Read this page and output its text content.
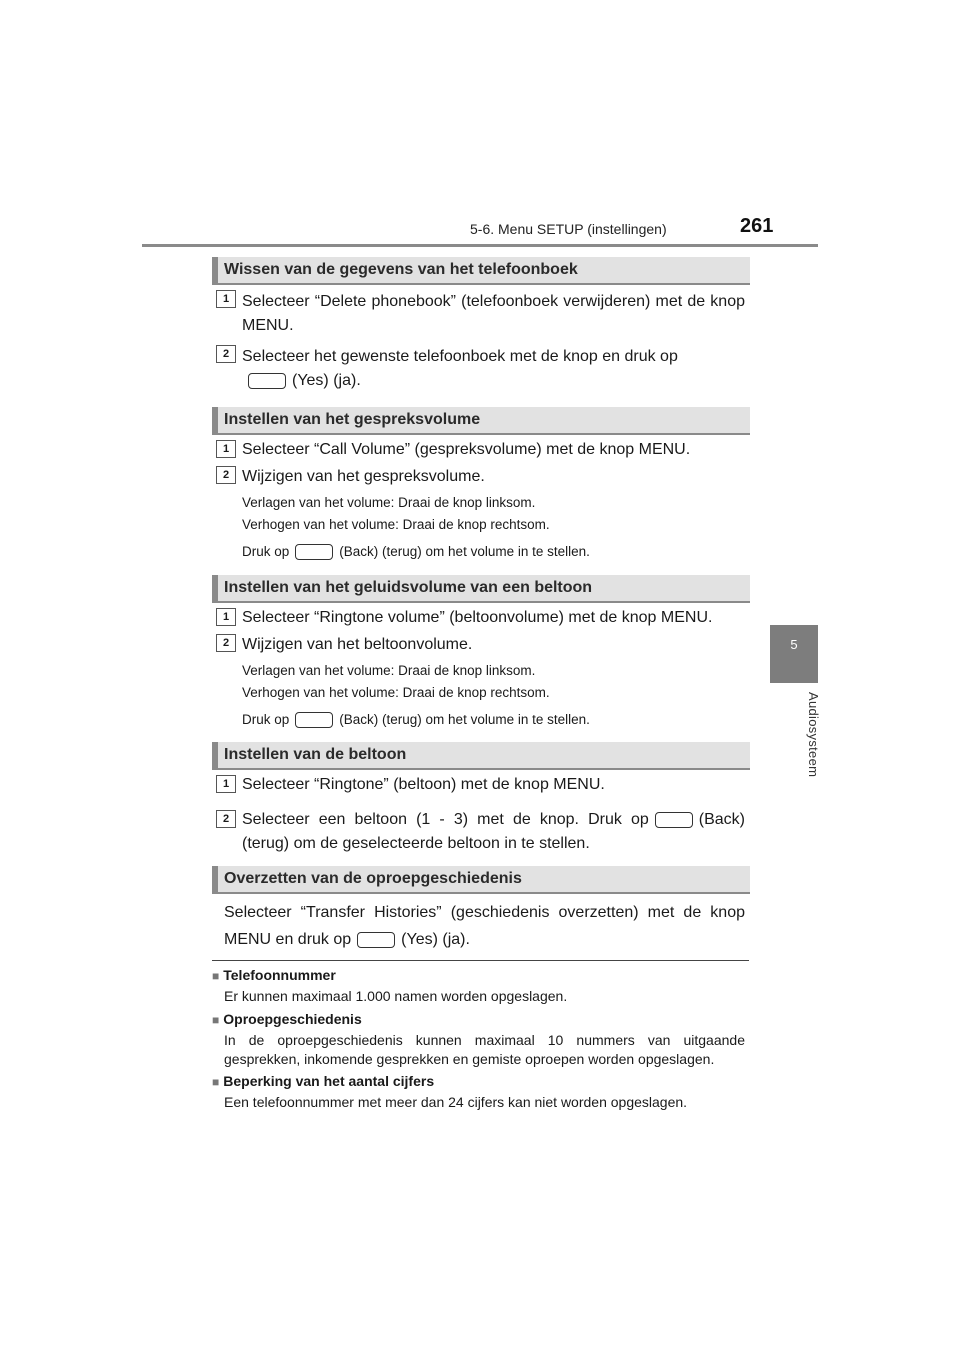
5-6. Menu SETUP (instellingen)	261
5
Audiosysteem
Wissen van de gegevens van het telefoonboek
1 Selecteer “Delete phonebook” (telefoonboek verwijderen) met de knop MENU.
2 Selecteer het gewenste telefoonboek met de knop en druk op
(Yes) (ja).
Instellen van het gespreksvolume
1 Selecteer “Call Volume” (gespreksvolume) met de knop MENU.
2 Wijzigen van het gespreksvolume.
Verlagen van het volume: Draai de knop linksom.
Verhogen van het volume: Draai de knop rechtsom.
Druk op	(Back) (terug) om het volume in te stellen.
Instellen van het geluidsvolume van een beltoon
1 Selecteer “Ringtone volume” (beltoonvolume) met de knop MENU.
2 Wijzigen van het beltoonvolume.
Verlagen van het volume: Draai de knop linksom.
Verhogen van het volume: Draai de knop rechtsom.
Druk op	(Back) (terug) om het volume in te stellen.
Instellen van de beltoon
1 Selecteer “Ringtone” (beltoon) met de knop MENU.
2 Selecteer een beltoon (1 - 3) met de knop. Druk op	(Back) (terug) om de geselecteerde beltoon in te stellen.
Overzetten van de oproepgeschiedenis
Selecteer “Transfer Histories” (geschiedenis overzetten) met de knop MENU en druk op	(Yes) (ja).
■ Telefoonnummer
Er kunnen maximaal 1.000 namen worden opgeslagen.
■ Oproepgeschiedenis
In de oproepgeschiedenis kunnen maximaal 10 nummers van uitgaande gesprekken, inkomende gesprekken en gemiste oproepen worden opgeslagen.
■ Beperking van het aantal cijfers
Een telefoonnummer met meer dan 24 cijfers kan niet worden opgeslagen.
